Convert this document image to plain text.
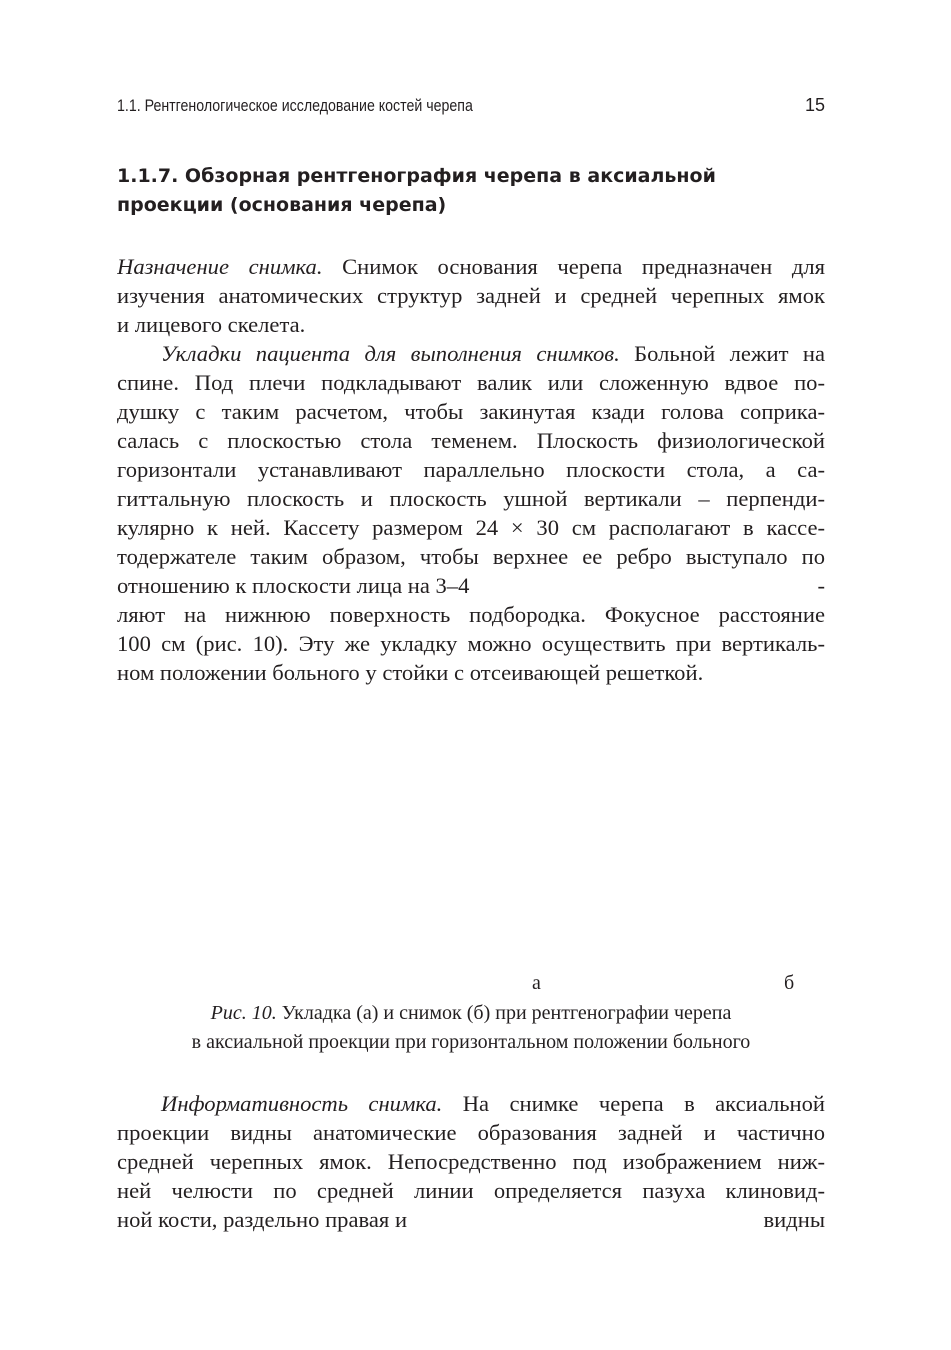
1.1. Рентгенологическое исследование костей черепа	15
1.1.7. Обзорная рентгенография черепа в аксиальной
проекции (основания черепа)
Назначение снимка. Снимок основания черепа предназначен для
изучения анатомических структур задней и средней черепных ямок
и лицевого скелета.
Укладки пациента для выполнения снимков. Больной лежит на
спине. Под плечи подкладывают валик или сложенную вдвое по-
душку с таким расчетом, чтобы закинутая кзади голова соприка-
салась с плоскостью стола теменем. Плоскость физиологической
горизонтали устанавливают параллельно плоскости стола, а са-
гиттальную плоскость и плоскость ушной вертикали – перпенди-
кулярно к ней. Кассету размером 24 × 30 см располагают в кассе-
тодержателе таким образом, чтобы верхнее ее ребро выступало по
отношению к плоскости лица на 3–4	-
ляют на нижнюю поверхность подбородка. Фокусное расстояние
100 см (рис. 10). Эту же укладку можно осуществить при вертикаль-
ном положении больного у стойки с отсеивающей решеткой.
а	б
Рис. 10. Укладка (а) и снимок (б) при рентгенографии черепа
в аксиальной проекции при горизонтальном положении больного
Информативность снимка. На снимке черепа в аксиальной
проекции видны анатомические образования задней и частично
средней черепных ямок. Непосредственно под изображением ниж-
ней челюсти по средней линии определяется пазуха клиновид-
ной кости, раздельно правая и	видны
